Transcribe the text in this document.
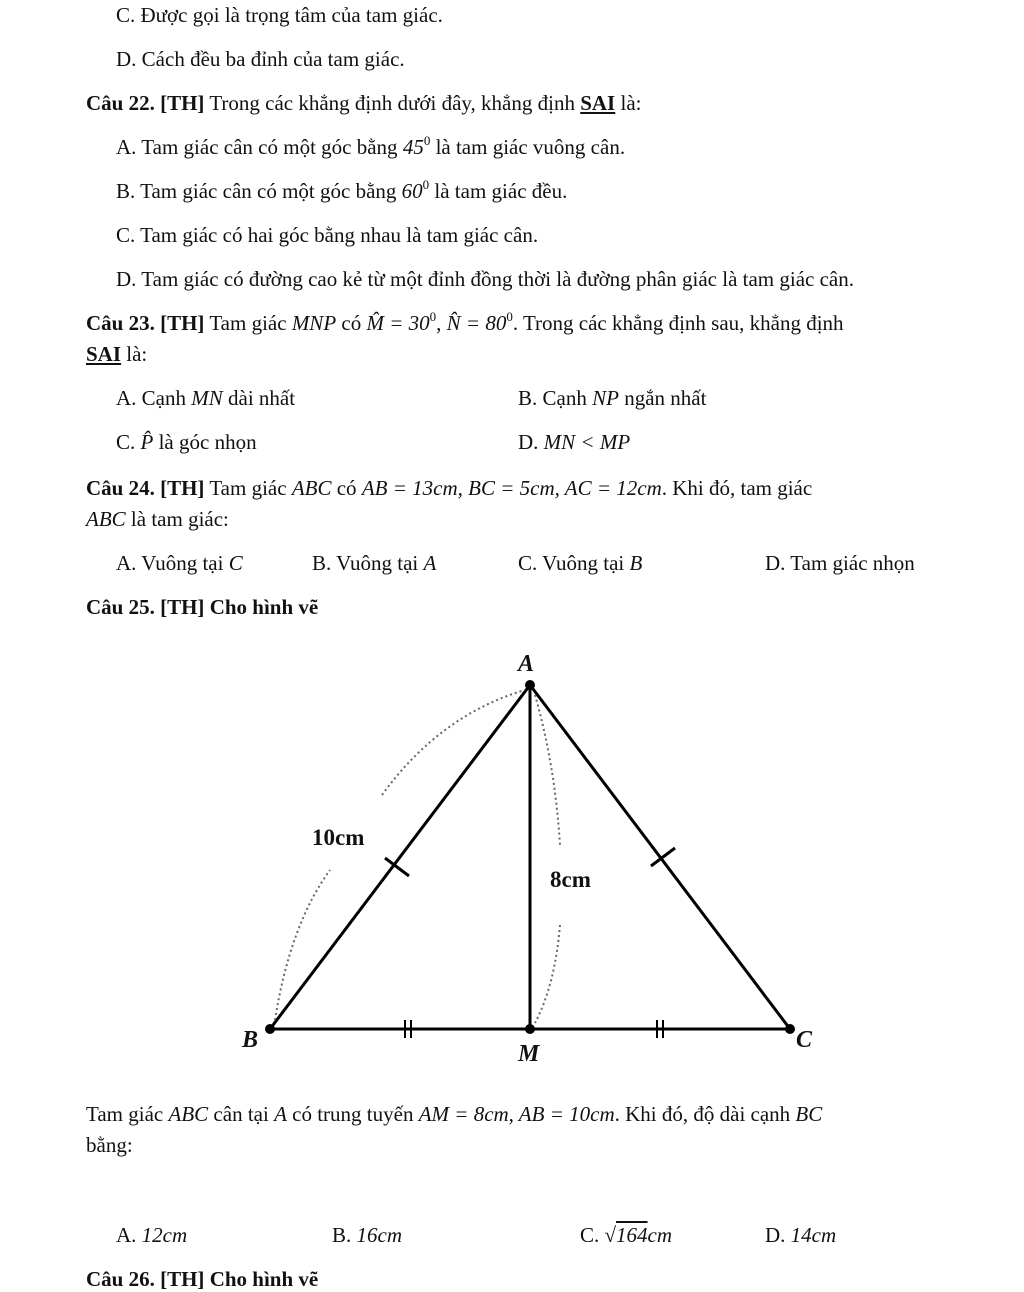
C. Được gọi là trọng tâm của tam giác.
D. Cách đều ba đỉnh của tam giác.
Câu 22. [TH] Trong các khẳng định dưới đây, khẳng định SAI là:
A. Tam giác cân có một góc bằng $45^0$ là tam giác vuông cân.
B. Tam giác cân có một góc bằng $60^0$ là tam giác đều.
C. Tam giác có hai góc bằng nhau là tam giác cân.
D. Tam giác có đường cao kẻ từ một đỉnh đồng thời là đường phân giác là tam giác cân.
Câu 23. [TH] Tam giác MNP có M̂ = $30^0$, N̂ = $80^0$. Trong các khẳng định sau, khẳng định
SAI là:
A. Cạnh MN dài nhất	B. Cạnh NP ngắn nhất
C. P̂ là góc nhọn	D. MN < MP
Câu 24. [TH] Tam giác ABC có AB = 13cm, BC = 5cm, AC = 12cm. Khi đó, tam giác
ABC là tam giác:
A. Vuông tại C	B. Vuông tại A	C. Vuông tại B	D. Tam giác nhọn
Câu 25. [TH] Cho hình vẽ
A
B	C
M
10cm
8cm
Tam giác ABC cân tại A có trung tuyến AM = 8cm, AB = 10cm. Khi đó, độ dài cạnh BC
bằng:
A. 12cm	B. 16cm	C. √164cm	D. 14cm
Câu 26. [TH] Cho hình vẽ
